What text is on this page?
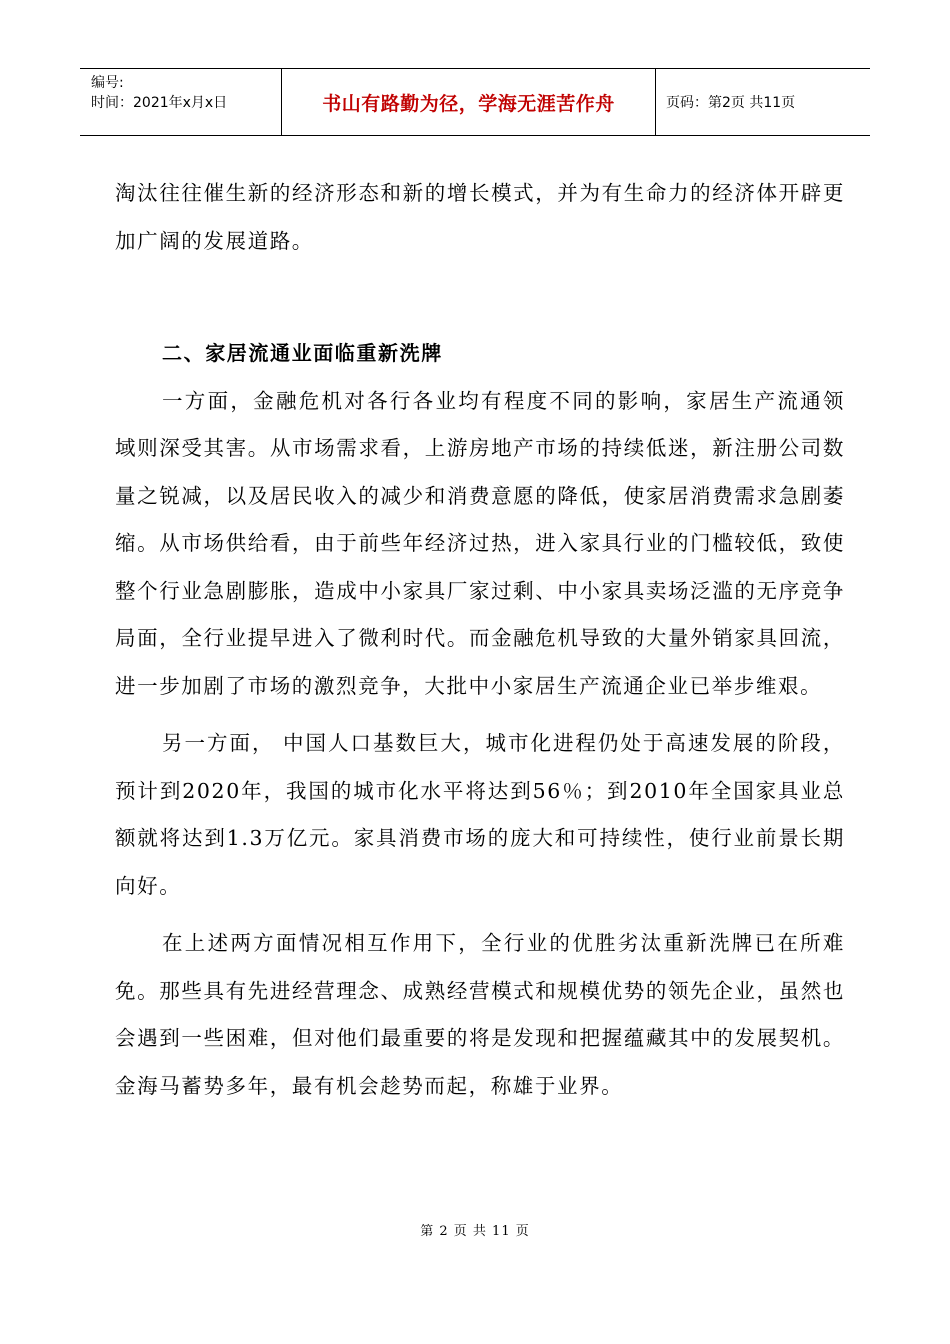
编号:
时间：2021年x月x日	书山有路勤为径，学海无涯苦作舟	页码：第2页 共11页

淘汰往往催生新的经济形态和新的增长模式，并为有生命力的经济体开辟更加广阔的发展道路。

二、家居流通业面临重新洗牌

一方面，金融危机对各行各业均有程度不同的影响，家居生产流通领域则深受其害。从市场需求看，上游房地产市场的持续低迷，新注册公司数量之锐减，以及居民收入的减少和消费意愿的降低，使家居消费需求急剧萎缩。从市场供给看，由于前些年经济过热，进入家具行业的门槛较低，致使整个行业急剧膨胀，造成中小家具厂家过剩、中小家具卖场泛滥的无序竞争局面，全行业提早进入了微利时代。而金融危机导致的大量外销家具回流，进一步加剧了市场的激烈竞争，大批中小家居生产流通企业已举步维艰。

另一方面， 中国人口基数巨大，城市化进程仍处于高速发展的阶段，预计到2020年，我国的城市化水平将达到56％；到2010年全国家具业总额就将达到1.3万亿元。家具消费市场的庞大和可持续性，使行业前景长期向好。

在上述两方面情况相互作用下，全行业的优胜劣汰重新洗牌已在所难免。那些具有先进经营理念、成熟经营模式和规模优势的领先企业，虽然也会遇到一些困难，但对他们最重要的将是发现和把握蕴藏其中的发展契机。金海马蓄势多年，最有机会趁势而起，称雄于业界。

第 2 页 共 11 页
